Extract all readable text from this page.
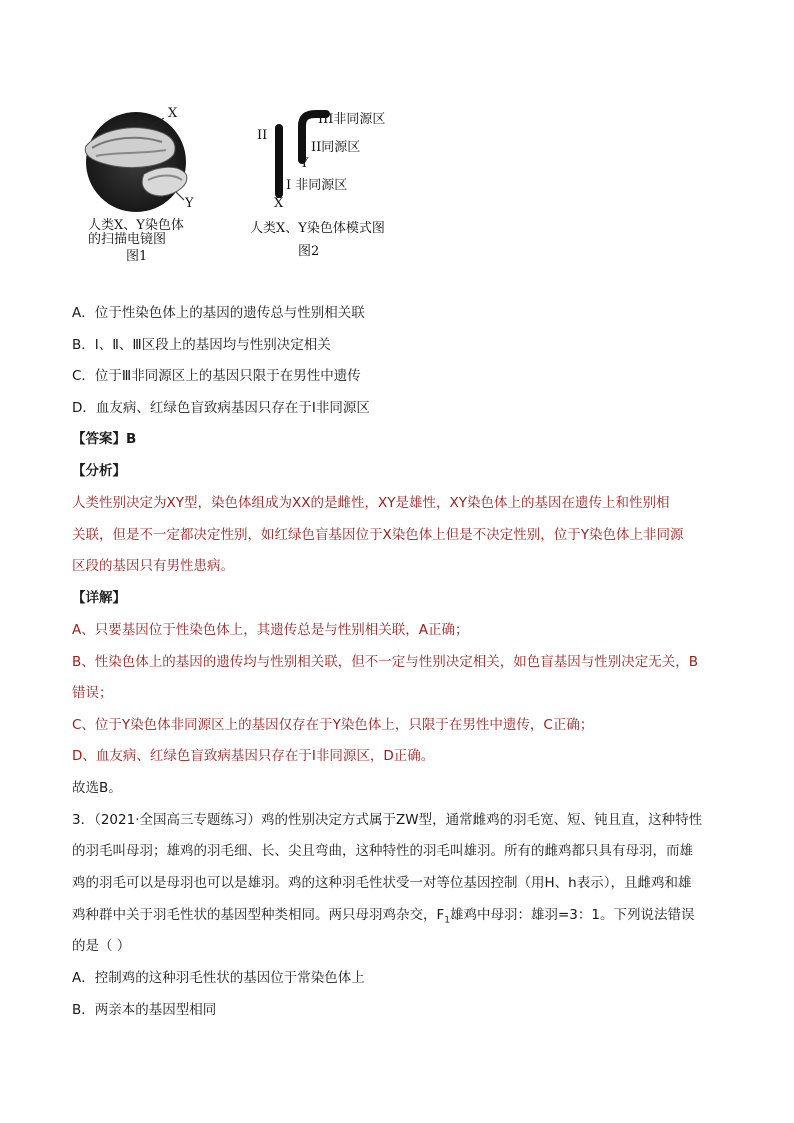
X
Y
人类X、Y染色体
的扫描电镜图
图1
II
III非同源区
II同源区
Y
I 非同源区
X
人类X、Y染色体模式图
图2
A．位于性染色体上的基因的遗传总与性别相关联
B．Ⅰ、Ⅱ、Ⅲ区段上的基因均与性别决定相关
C．位于Ⅲ非同源区上的基因只限于在男性中遗传
D．血友病、红绿色盲致病基因只存在于Ⅰ非同源区
【答案】B
【分析】
人类性别决定为XY型，染色体组成为XX的是雌性，XY是雄性，XY染色体上的基因在遗传上和性别相
关联，但是不一定都决定性别，如红绿色盲基因位于X染色体上但是不决定性别，位于Y染色体上非同源
区段的基因只有男性患病。
【详解】
A、只要基因位于性染色体上，其遗传总是与性别相关联，A正确；
B、性染色体上的基因的遗传均与性别相关联，但不一定与性别决定相关，如色盲基因与性别决定无关，B
错误；
C、位于Y染色体非同源区上的基因仅存在于Y染色体上，只限于在男性中遗传，C正确；
D、血友病、红绿色盲致病基因只存在于I非同源区，D正确。
故选B。
3．（2021·全国高三专题练习）鸡的性别决定方式属于ZW型，通常雌鸡的羽毛宽、短、钝且直，这种特性
的羽毛叫母羽；雄鸡的羽毛细、长、尖且弯曲，这种特性的羽毛叫雄羽。所有的雌鸡都只具有母羽，而雄
鸡的羽毛可以是母羽也可以是雄羽。鸡的这种羽毛性状受一对等位基因控制（用H、h表示），且雌鸡和雄
鸡种群中关于羽毛性状的基因型种类相同。两只母羽鸡杂交，$F_1$雄鸡中母羽：雄羽=3：1。下列说法错误
的是（ ）
A．控制鸡的这种羽毛性状的基因位于常染色体上
B．两亲本的基因型相同
